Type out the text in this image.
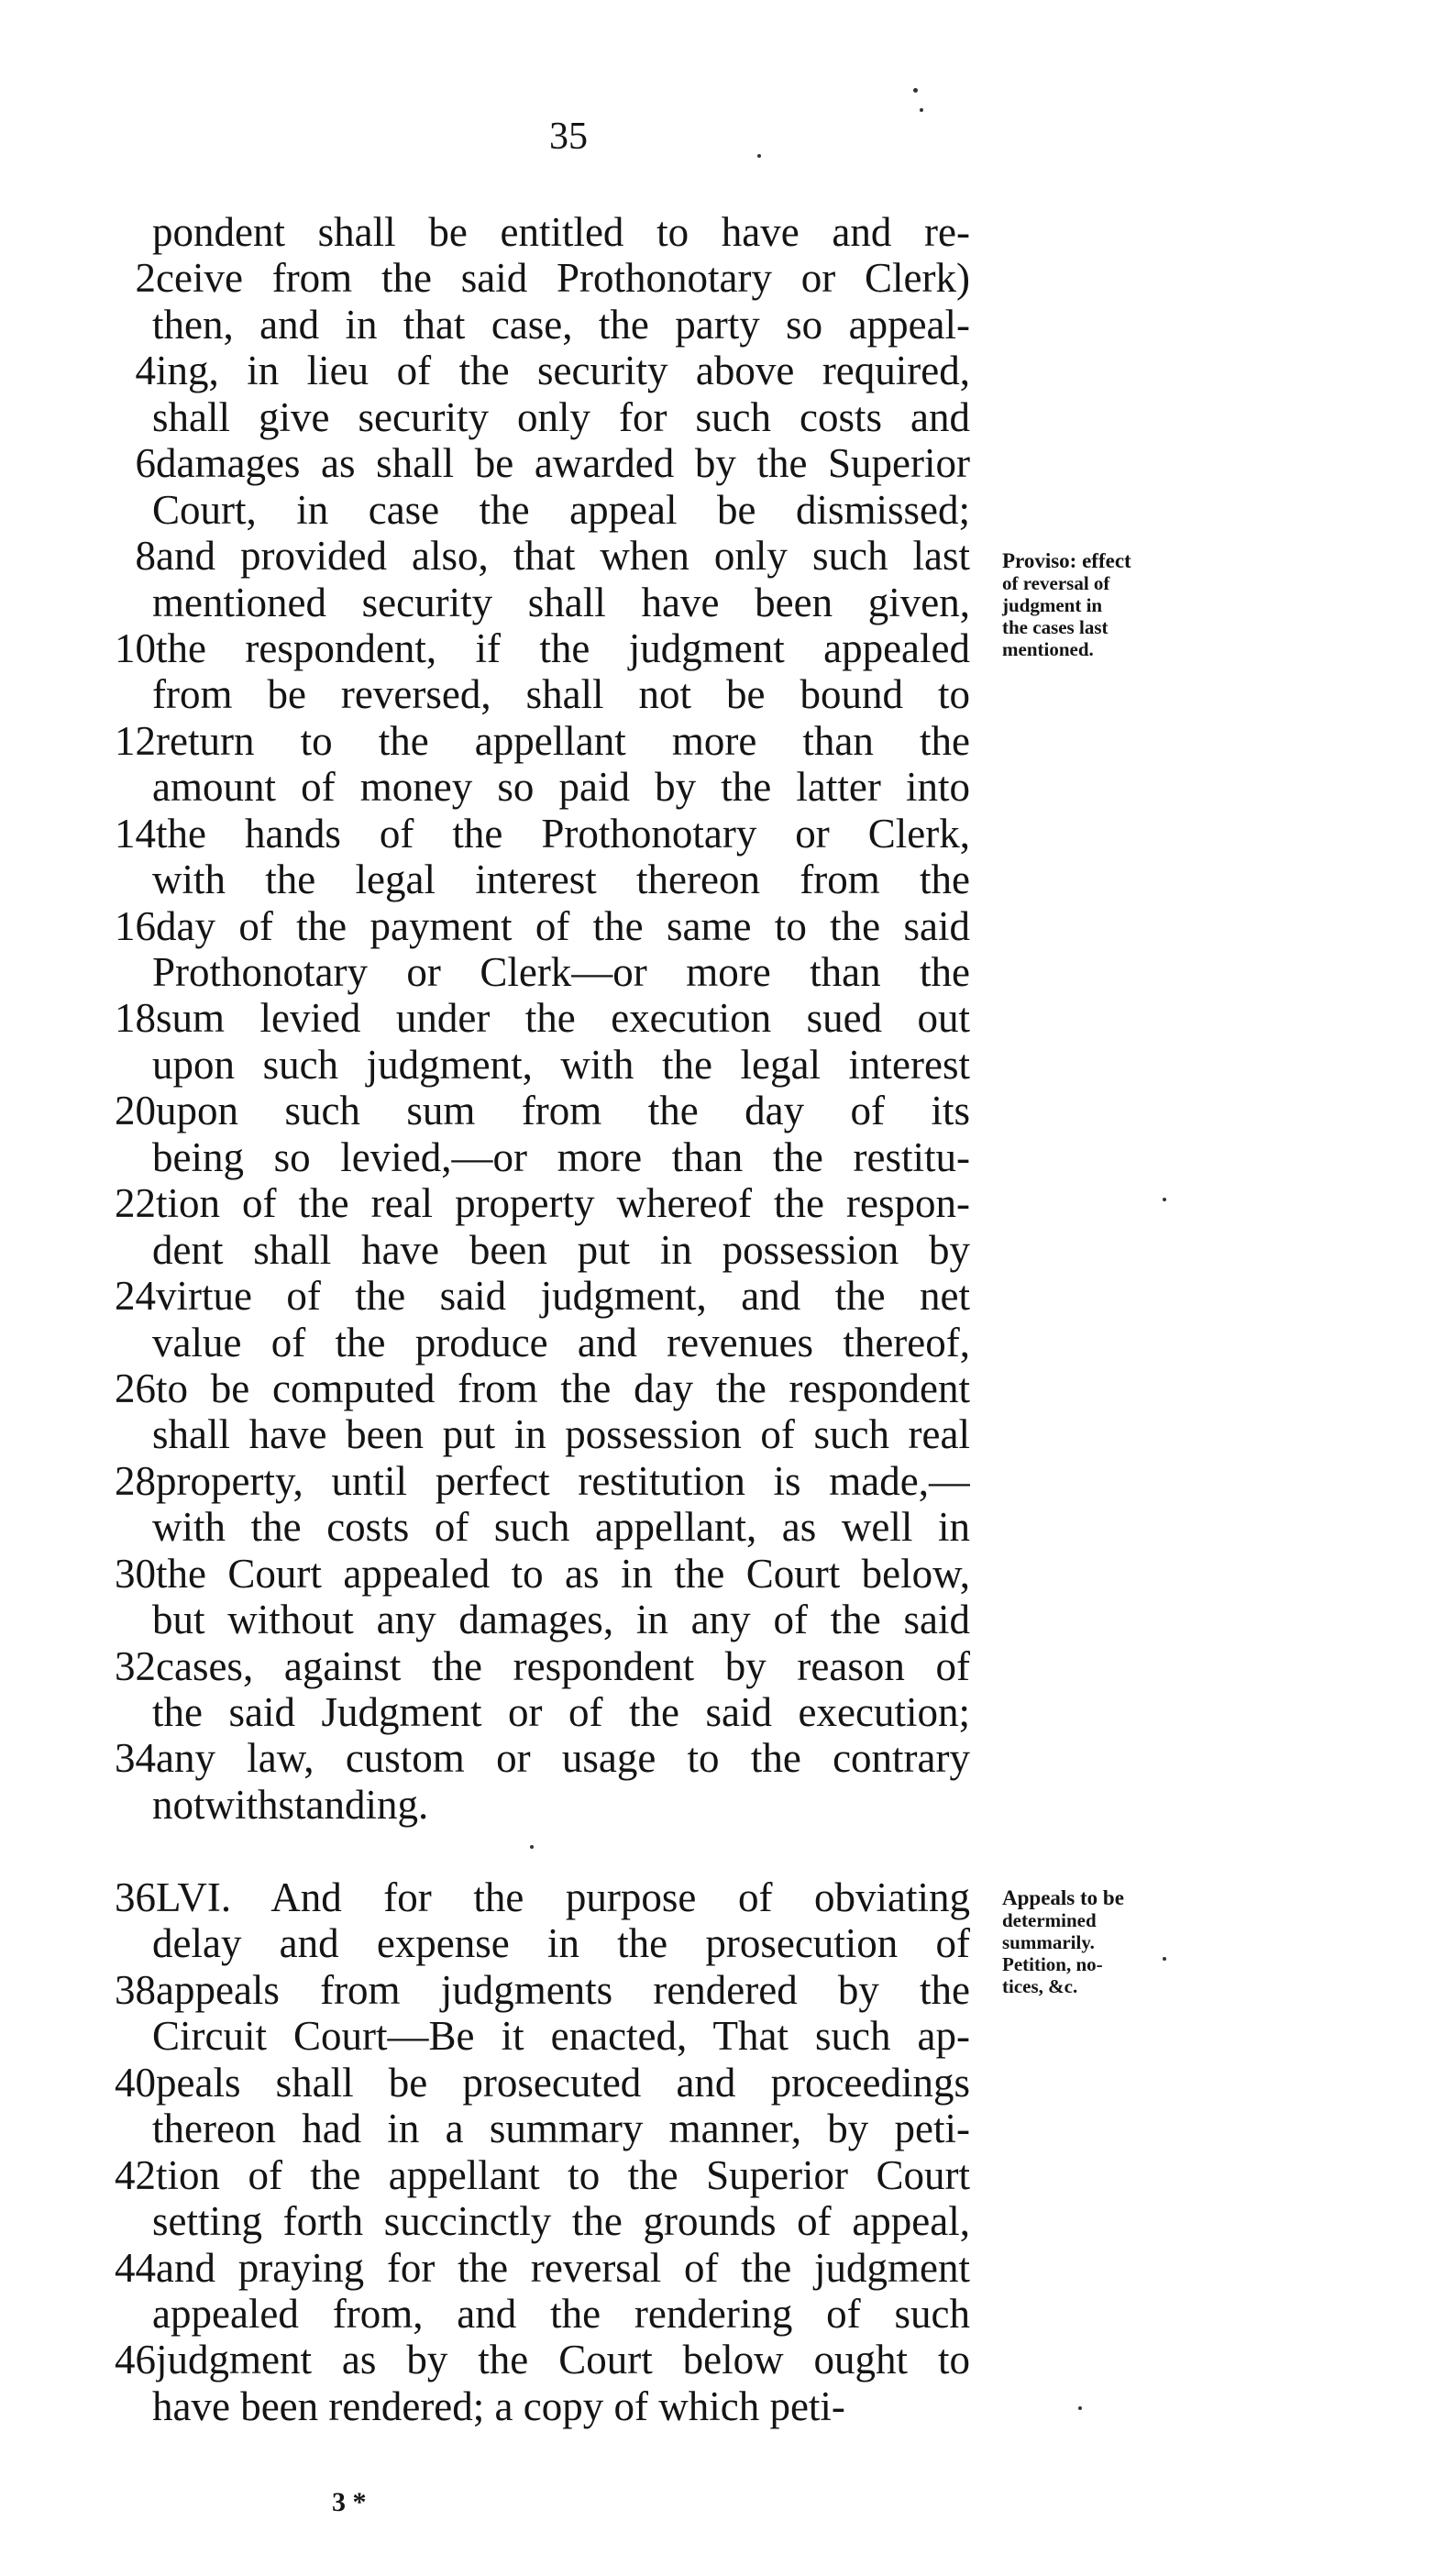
35
pondent shall be entitled to have and re-
2 ceive from the said Prothonotary or Clerk)
then, and in that case, the party so appeal-
4 ing, in lieu of the security above required,
shall give security only for such costs and
6 damages as shall be awarded by the Superior
Court, in case the appeal be dismissed;
8 and provided also, that when only such last
mentioned security shall have been given,
10 the respondent, if the judgment appealed
from be reversed, shall not be bound to
12 return to the appellant more than the
amount of money so paid by the latter into
14 the hands of the Prothonotary or Clerk,
with the legal interest thereon from the
16 day of the payment of the same to the said
Prothonotary or Clerk—or more than the
18 sum levied under the execution sued out
upon such judgment, with the legal interest
20 upon such sum from the day of its
being so levied,—or more than the restitu-
22 tion of the real property whereof the respon-
dent shall have been put in possession by
24 virtue of the said judgment, and the net
value of the produce and revenues thereof,
26 to be computed from the day the respondent
shall have been put in possession of such real
28 property, until perfect restitution is made,—
with the costs of such appellant, as well in
30 the Court appealed to as in the Court below,
but without any damages, in any of the said
32 cases, against the respondent by reason of
the said Judgment or of the said execution;
34 any law, custom or usage to the contrary
notwithstanding.
36 LVI. And for the purpose of obviating
delay and expense in the prosecution of
38 appeals from judgments rendered by the
Circuit Court—Be it enacted, That such ap-
40 peals shall be prosecuted and proceedings
thereon had in a summary manner, by peti-
42 tion of the appellant to the Superior Court
setting forth succinctly the grounds of appeal,
44 and praying for the reversal of the judgment
appealed from, and the rendering of such
46 judgment as by the Court below ought to
have been rendered; a copy of which peti-
Proviso: effect
of reversal of
judgment in
the cases last
mentioned.
Appeals to be
determined
summarily.
Petition, no-
tices, &c.
3 *
